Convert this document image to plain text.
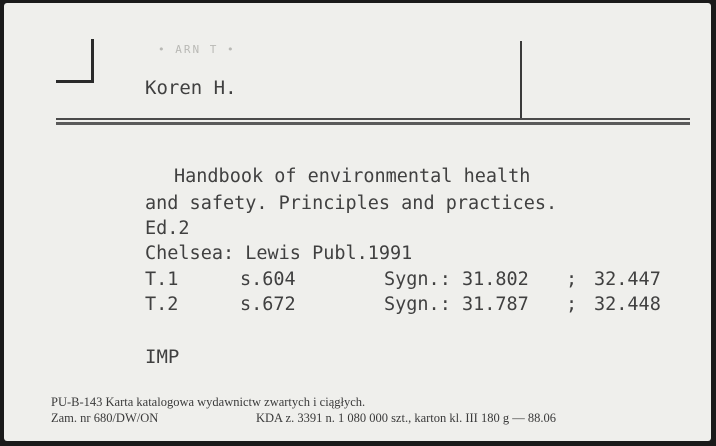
• ARN T •
Koren H.
Handbook of environmental health
and safety. Principles and practices.
Ed.2
Chelsea: Lewis Publ.1991
T.1	s.604	Sygn.: 31.802 ; 32.447
T.2	s.672	Sygn.: 31.787 ; 32.448
IMP
PU-B-143 Karta katalogowa wydawnictw zwartych i ciągłych.
Zam. nr 680/DW/ON	KDA z. 3391 n. 1 080 000 szt., karton kl. III 180 g — 88.06
